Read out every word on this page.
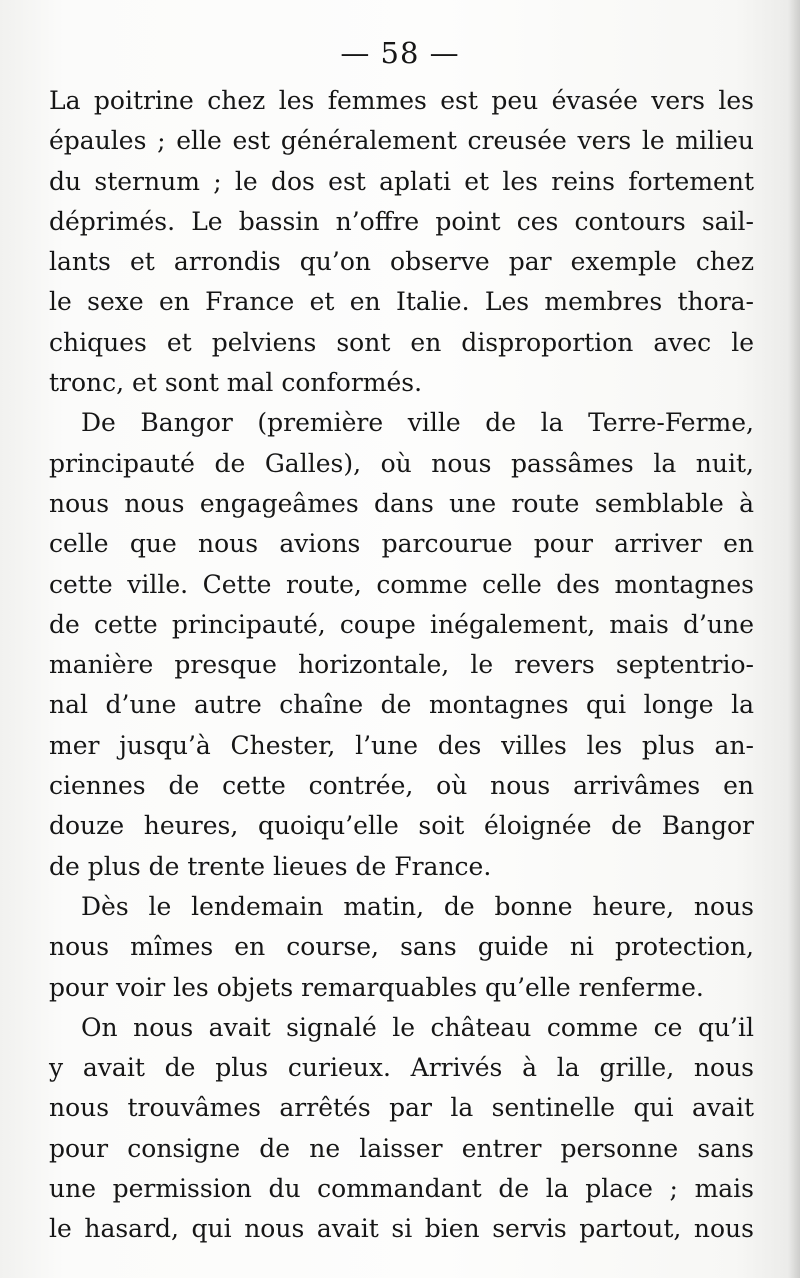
— 58 —
La poitrine chez les femmes est peu évasée vers les
épaules ; elle est généralement creusée vers le milieu
du sternum ; le dos est aplati et les reins fortement
déprimés. Le bassin n’offre point ces contours sail-
lants et arrondis qu’on observe par exemple chez
le sexe en France et en Italie. Les membres thora-
chiques et pelviens sont en disproportion avec le
tronc, et sont mal conformés.
De Bangor (première ville de la Terre-Ferme,
principauté de Galles), où nous passâmes la nuit,
nous nous engageâmes dans une route semblable à
celle que nous avions parcourue pour arriver en
cette ville. Cette route, comme celle des montagnes
de cette principauté, coupe inégalement, mais d’une
manière presque horizontale, le revers septentrio-
nal d’une autre chaîne de montagnes qui longe la
mer jusqu’à Chester, l’une des villes les plus an-
ciennes de cette contrée, où nous arrivâmes en
douze heures, quoiqu’elle soit éloignée de Bangor
de plus de trente lieues de France.
Dès le lendemain matin, de bonne heure, nous
nous mîmes en course, sans guide ni protection,
pour voir les objets remarquables qu’elle renferme.
On nous avait signalé le château comme ce qu’il
y avait de plus curieux. Arrivés à la grille, nous
nous trouvâmes arrêtés par la sentinelle qui avait
pour consigne de ne laisser entrer personne sans
une permission du commandant de la place ; mais
le hasard, qui nous avait si bien servis partout, nous
